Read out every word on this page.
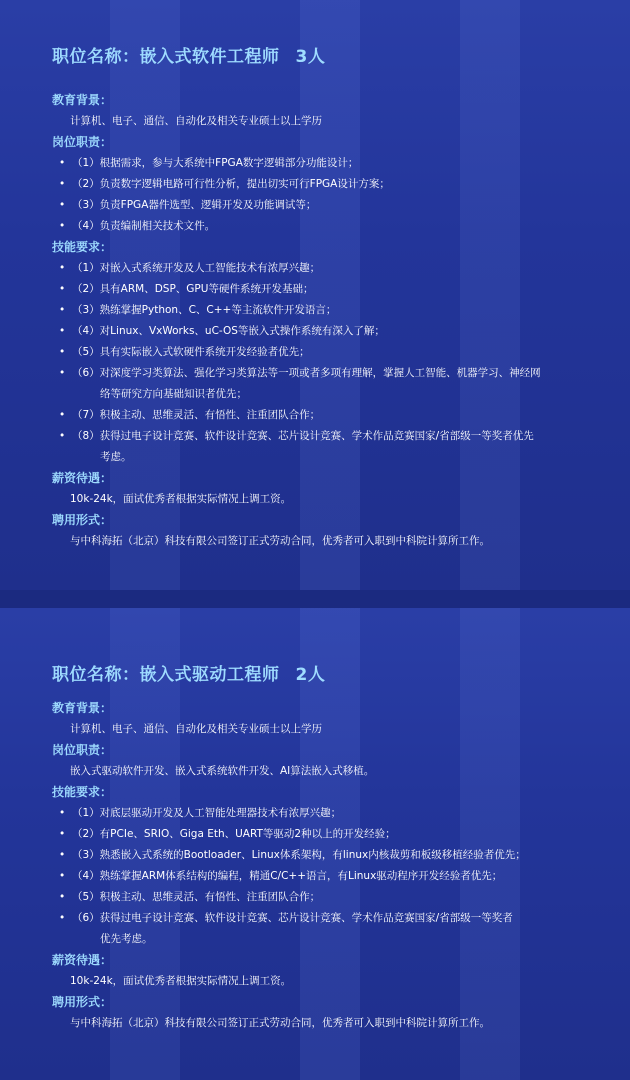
职位名称：嵌入式软件工程师 3人
教育背景：
计算机、电子、通信、自动化及相关专业硕士以上学历
岗位职责：
• （1）根据需求，参与大系统中FPGA数字逻辑部分功能设计；
• （2）负责数字逻辑电路可行性分析，提出切实可行FPGA设计方案；
• （3）负责FPGA器件选型、逻辑开发及功能调试等；
• （4）负责编制相关技术文件。
技能要求：
• （1）对嵌入式系统开发及人工智能技术有浓厚兴趣；
• （2）具有ARM、DSP、GPU等硬件系统开发基础；
• （3）熟练掌握Python、C、C++等主流软件开发语言；
• （4）对Linux、VxWorks、uC-OS等嵌入式操作系统有深入了解；
• （5）具有实际嵌入式软硬件系统开发经验者优先；
• （6）对深度学习类算法、强化学习类算法等一项或者多项有理解，掌握人工智能、机器学习、神经网
络等研究方向基础知识者优先；
• （7）积极主动、思维灵活、有悟性、注重团队合作；
• （8）获得过电子设计竞赛、软件设计竞赛、芯片设计竞赛、学术作品竞赛国家/省部级一等奖者优先
考虑。
薪资待遇：
10k-24k，面试优秀者根据实际情况上调工资。
聘用形式：
与中科海拓（北京）科技有限公司签订正式劳动合同，优秀者可入职到中科院计算所工作。
职位名称：嵌入式驱动工程师 2人
教育背景：
计算机、电子、通信、自动化及相关专业硕士以上学历
岗位职责：
嵌入式驱动软件开发、嵌入式系统软件开发、AI算法嵌入式移植。
技能要求：
• （1）对底层驱动开发及人工智能处理器技术有浓厚兴趣；
• （2）有PCIe、SRIO、Giga Eth、UART等驱动2种以上的开发经验；
• （3）熟悉嵌入式系统的Bootloader、Linux体系架构，有linux内核裁剪和板级移植经验者优先；
• （4）熟练掌握ARM体系结构的编程，精通C/C++语言，有Linux驱动程序开发经验者优先；
• （5）积极主动、思维灵活、有悟性、注重团队合作；
• （6）获得过电子设计竞赛、软件设计竞赛、芯片设计竞赛、学术作品竞赛国家/省部级一等奖者
优先考虑。
薪资待遇：
10k-24k，面试优秀者根据实际情况上调工资。
聘用形式：
与中科海拓（北京）科技有限公司签订正式劳动合同，优秀者可入职到中科院计算所工作。
